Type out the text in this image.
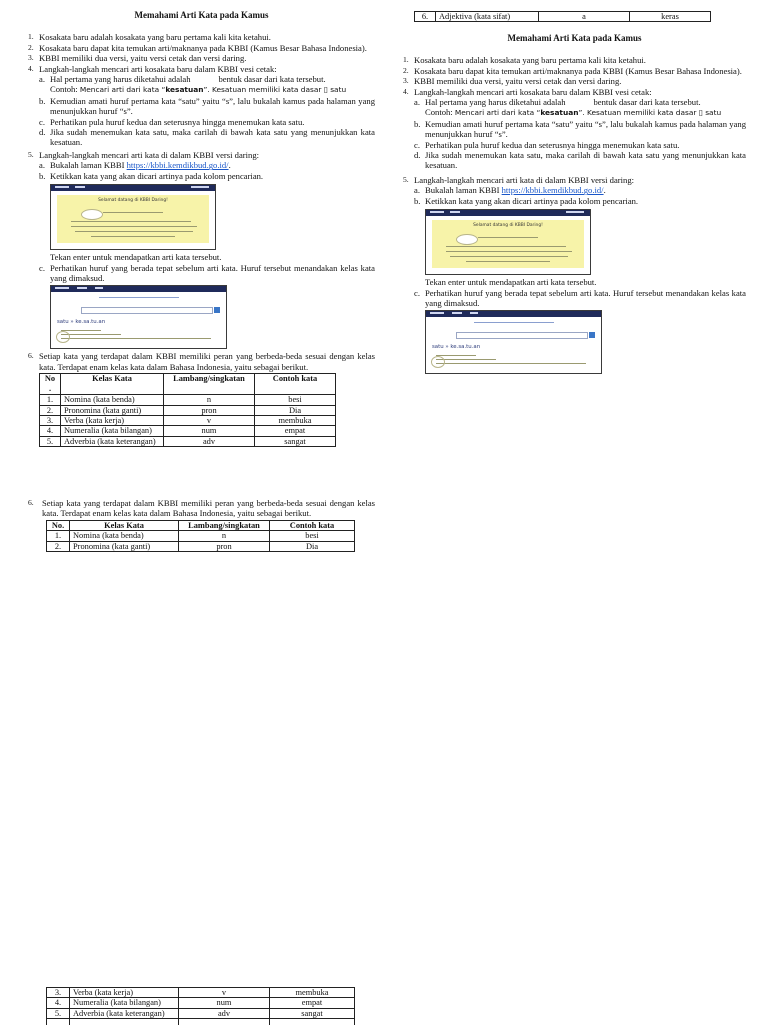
6.	Adjektiva (kata sifat)	a	keras
Memahami Arti Kata pada Kamus
1. Kosakata baru adalah kosakata yang baru pertama kali kita ketahui.
2. Kosakata baru dapat kita temukan arti/maknanya pada KBBI (Kamus Besar Bahasa Indonesia).
3. KBBI memiliki dua versi, yaitu versi cetak dan versi daring.
4. Langkah-langkah mencari arti kosakata baru dalam KBBI vesi cetak:
a. Hal pertama yang harus diketahui adalah             bentuk dasar dari kata tersebut.
Contoh: Mencari arti dari kata “kesatuan”. Kesatuan memiliki kata dasar ▯ satu
b. Kemudian amati huruf pertama kata “satu” yaitu “s”, lalu bukalah kamus pada halaman yang menunjukkan huruf “s”.
c. Perhatikan pula huruf kedua dan seterusnya hingga menemukan kata satu.
d. Jika sudah menemukan kata satu, maka carilah di bawah kata satu yang menunjukkan kata kesatuan.
5. Langkah-langkah mencari arti kata di dalam KBBI versi daring:
a. Bukalah laman KBBI https://kbbi.kemdikbud.go.id/.
b. Ketikkan kata yang akan dicari artinya pada kolom pencarian.
Selamat datang di KBBI Daring!
Tekan enter untuk mendapatkan arti kata tersebut.
c. Perhatikan huruf yang berada tepat sebelum arti kata. Huruf tersebut menandakan kelas kata yang dimaksud.
satu » ke.sa.tu.an
6. Setiap kata yang terdapat dalam KBBI memiliki peran yang berbeda-beda sesuai dengan kelas kata. Terdapat enam kelas kata dalam Bahasa Indonesia, yaitu sebagai berikut.
No
.	Kelas Kata	Lambang/singkatan	Contoh kata
1.	Nomina (kata benda)	n	besi
2.	Pronomina (kata ganti)	pron	Dia
3.	Verba (kata kerja)	v	membuka
4.	Numeralia (kata bilangan)	num	empat
5.	Adverbia (kata keterangan)	adv	sangat
6. Setiap kata yang terdapat dalam KBBI memiliki peran yang berbeda-beda sesuai dengan kelas kata. Terdapat enam kelas kata dalam Bahasa Indonesia, yaitu sebagai berikut.
No.	Kelas Kata	Lambang/singkatan	Contoh kata
1.	Nomina (kata benda)	n	besi
2.	Pronomina (kata ganti)	pron	Dia
3.	Verba (kata kerja)	v	membuka
4.	Numeralia (kata bilangan)	num	empat
5.	Adverbia (kata keterangan)	adv	sangat

Memahami Arti Kata pada Kamus
1. Kosakata baru adalah kosakata yang baru pertama kali kita ketahui.
2. Kosakata baru dapat kita temukan arti/maknanya pada KBBI (Kamus Besar Bahasa Indonesia).
3. KBBI memiliki dua versi, yaitu versi cetak dan versi daring.
4. Langkah-langkah mencari arti kosakata baru dalam KBBI vesi cetak:
a. Hal pertama yang harus diketahui adalah             bentuk dasar dari kata tersebut.
Contoh: Mencari arti dari kata “kesatuan”. Kesatuan memiliki kata dasar ▯ satu
b. Kemudian amati huruf pertama kata “satu” yaitu “s”, lalu bukalah kamus pada halaman yang menunjukkan huruf “s”.
c. Perhatikan pula huruf kedua dan seterusnya hingga menemukan kata satu.
d. Jika sudah menemukan kata satu, maka carilah di bawah kata satu yang menunjukkan kata kesatuan.
5. Langkah-langkah mencari arti kata di dalam KBBI versi daring:
a. Bukalah laman KBBI https://kbbi.kemdikbud.go.id/.
b. Ketikkan kata yang akan dicari artinya pada kolom pencarian.
Selamat datang di KBBI Daring!
Tekan enter untuk mendapatkan arti kata tersebut.
c. Perhatikan huruf yang berada tepat sebelum arti kata. Huruf tersebut menandakan kelas kata yang dimaksud.
satu » ke.sa.tu.an
